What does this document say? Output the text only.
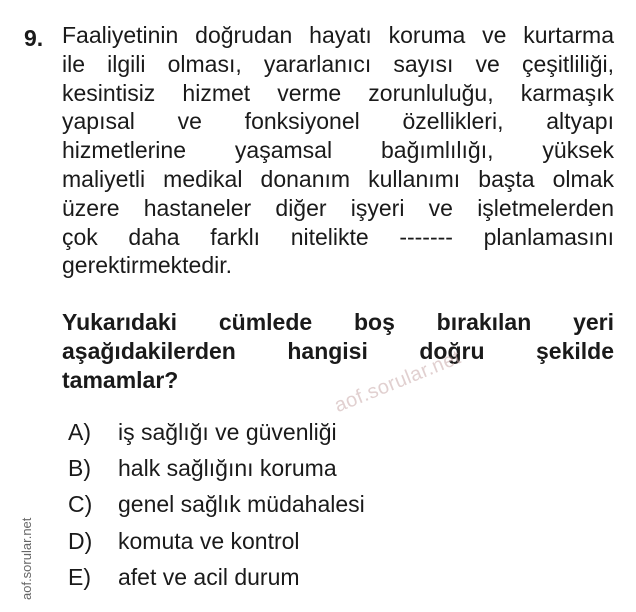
9. Faaliyetinin doğrudan hayatı koruma ve kurtarma
ile ilgili olması, yararlanıcı sayısı ve çeşitliliği,
kesintisiz hizmet verme zorunluluğu, karmaşık
yapısal ve fonksiyonel özellikleri, altyapı
hizmetlerine yaşamsal bağımlılığı, yüksek
maliyetli medikal donanım kullanımı başta olmak
üzere hastaneler diğer işyeri ve işletmelerden
çok daha farklı nitelikte ------- planlamasını
gerektirmektedir.
Yukarıdaki cümlede boş bırakılan yeri
aşağıdakilerden hangisi doğru şekilde
tamamlar?
A)	iş sağlığı ve güvenliği
B)	halk sağlığını koruma
C)	genel sağlık müdahalesi
D)	komuta ve kontrol
E)	afet ve acil durum
aof.sorular.net
aof.sorular.net
